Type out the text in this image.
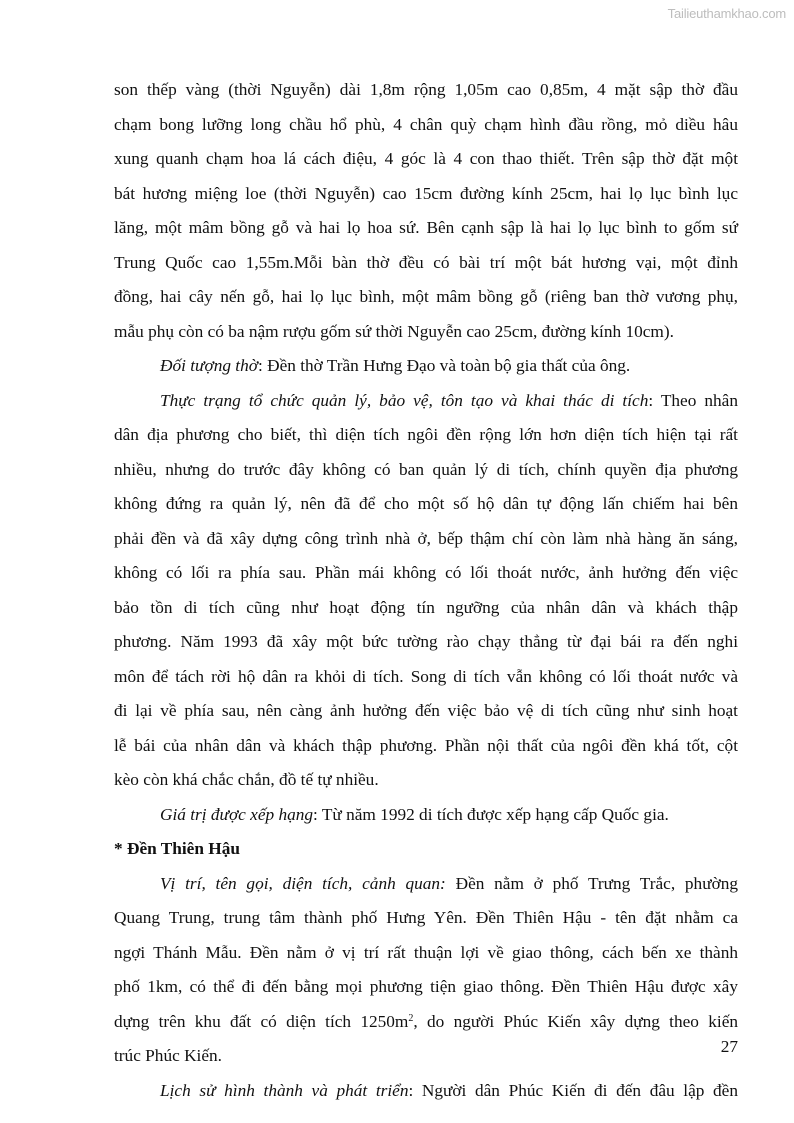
Tailieuthamkhao.com
son thếp vàng (thời Nguyễn) dài 1,8m rộng 1,05m cao 0,85m, 4 mặt sập thờ đầu
chạm bong lưỡng long chầu hổ phù, 4 chân quỳ chạm hình đầu rồng, mỏ diều hâu
xung quanh chạm hoa lá cách điệu, 4 góc là 4 con thao thiết. Trên sập thờ đặt một
bát hương miệng loe (thời Nguyễn) cao 15cm đường kính 25cm, hai lọ lục bình lục
lăng, một mâm bồng gỗ và hai lọ hoa sứ. Bên cạnh sập là hai lọ lục bình to gốm sứ
Trung Quốc cao 1,55m.Mỗi bàn thờ đều có bài trí một bát hương vại, một đỉnh
đồng, hai cây nến gỗ, hai lọ lục bình, một mâm bồng gỗ (riêng ban thờ vương phụ,
mẫu phụ còn có ba nậm rượu gốm sứ thời Nguyễn cao 25cm, đường kính 10cm).
Đối tượng thờ: Đền thờ Trần Hưng Đạo và toàn bộ gia thất của ông.
Thực trạng tổ chức quản lý, bảo vệ, tôn tạo và khai thác di tích: Theo nhân
dân địa phương cho biết, thì diện tích ngôi đền rộng lớn hơn diện tích hiện tại rất
nhiều, nhưng do trước đây không có ban quản lý di tích, chính quyền địa phương
không đứng ra quản lý, nên đã để cho một số hộ dân tự động lấn chiếm hai bên
phải đền và đã xây dựng công trình nhà ở, bếp thậm chí còn làm nhà hàng ăn sáng,
không có lối ra phía sau. Phần mái không có lối thoát nước, ảnh hưởng đến việc
bảo tồn di tích cũng như hoạt động tín ngưỡng của nhân dân và khách thập
phương. Năm 1993 đã xây một bức tường rào chạy thẳng từ đại bái ra đến nghi
môn để tách rời hộ dân ra khỏi di tích. Song di tích vẫn không có lối thoát nước và
đi lại về phía sau, nên càng ảnh hưởng đến việc bảo vệ di tích cũng như sinh hoạt
lễ bái của nhân dân và khách thập phương. Phần nội thất của ngôi đền khá tốt, cột
kèo còn khá chắc chắn, đồ tế tự nhiều.
Giá trị được xếp hạng: Từ năm 1992 di tích được xếp hạng cấp Quốc gia.
* Đền Thiên Hậu
Vị trí, tên gọi, diện tích, cảnh quan: Đền nằm ở phố Trưng Trắc, phường
Quang Trung, trung tâm thành phố Hưng Yên. Đền Thiên Hậu - tên đặt nhằm ca
ngợi Thánh Mẫu. Đền nằm ở vị trí rất thuận lợi về giao thông, cách bến xe thành
phố 1km, có thể đi đến bằng mọi phương tiện giao thông. Đền Thiên Hậu được xây
dựng trên khu đất có diện tích $1250m^2$, do người Phúc Kiến xây dựng theo kiến
trúc Phúc Kiến.
Lịch sử hình thành và phát triển: Người dân Phúc Kiến đi đến đâu lập đền
27
